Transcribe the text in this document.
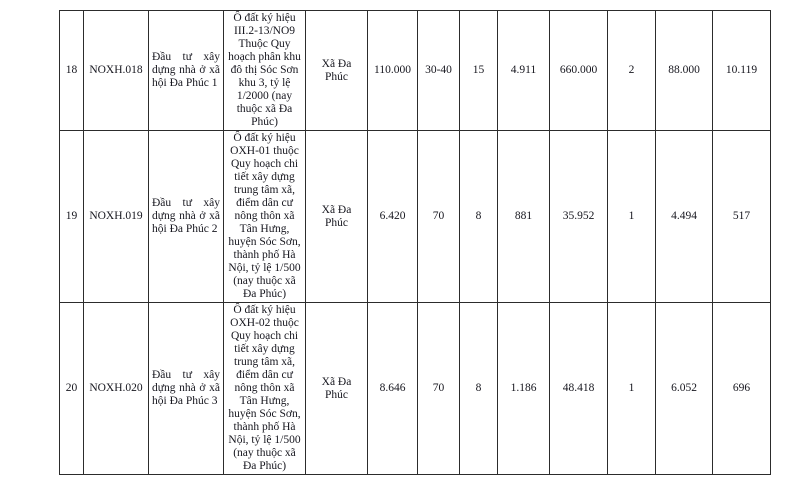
18	NOXH.018	Đầu tư xây dựng nhà ở xã hội Đa Phúc 1	Ô đất ký hiệu III.2-13/NO9 Thuộc Quy hoạch phân khu đô thị Sóc Sơn khu 3, tỷ lệ 1/2000 (nay thuộc xã Đa Phúc)	Xã Đa Phúc	110.000	30-40	15	4.911	660.000	2	88.000	10.119
19	NOXH.019	Đầu tư xây dựng nhà ở xã hội Đa Phúc 2	Ô đất ký hiệu OXH-01 thuộc Quy hoạch chi tiết xây dựng trung tâm xã, điểm dân cư nông thôn xã Tân Hưng, huyện Sóc Sơn, thành phố Hà Nội, tỷ lệ 1/500 (nay thuộc xã Đa Phúc)	Xã Đa Phúc	6.420	70	8	881	35.952	1	4.494	517
20	NOXH.020	Đầu tư xây dựng nhà ở xã hội Đa Phúc 3	Ô đất ký hiệu OXH-02 thuộc Quy hoạch chi tiết xây dựng trung tâm xã, điểm dân cư nông thôn xã Tân Hưng, huyện Sóc Sơn, thành phố Hà Nội, tỷ lệ 1/500 (nay thuộc xã Đa Phúc)	Xã Đa Phúc	8.646	70	8	1.186	48.418	1	6.052	696
